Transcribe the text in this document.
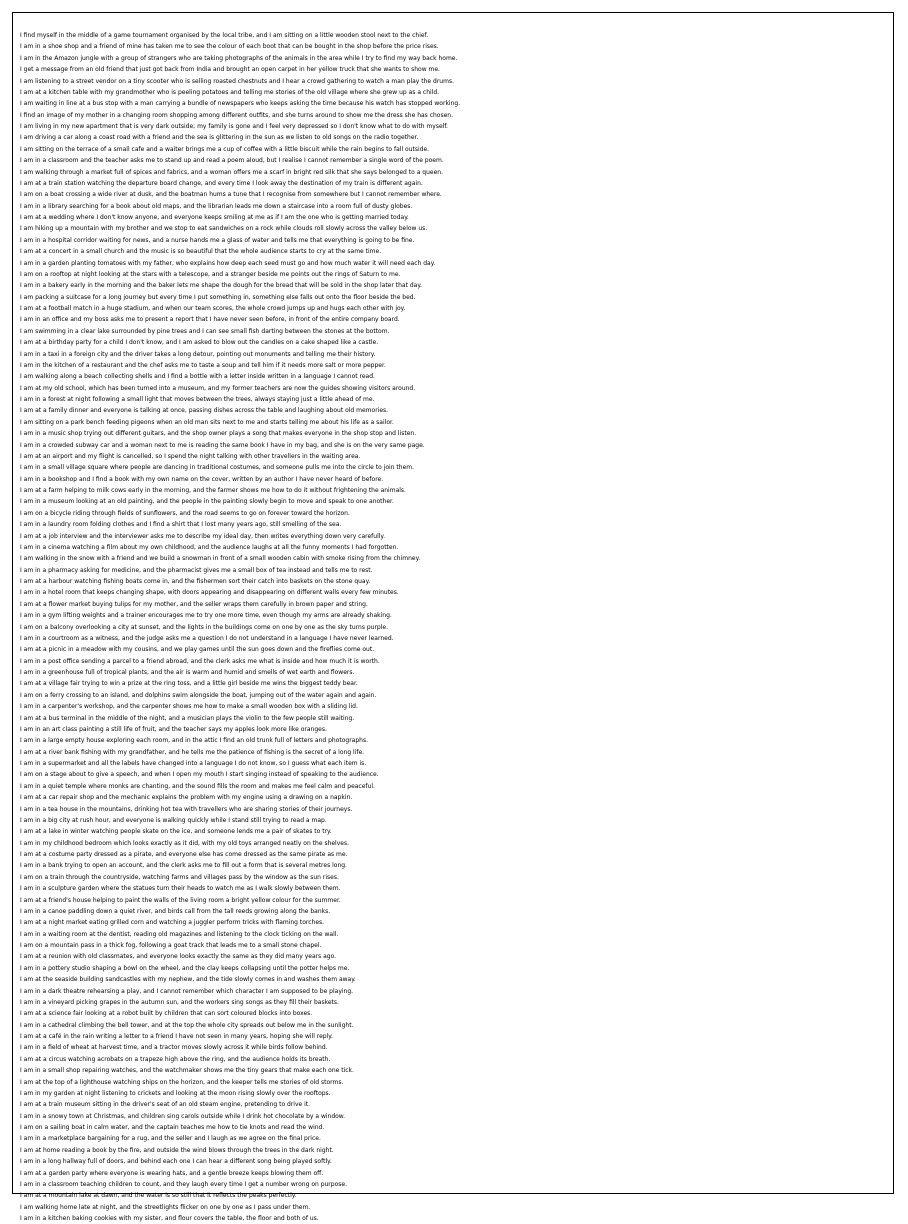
I find myself in the middle of a game tournament organised by the local tribe, and I am sitting on a little wooden stool next to the chief.
I am in a shoe shop and a friend of mine has taken me to see the colour of each boot that can be bought in the shop before the price rises.
I am in the Amazon jungle with a group of strangers who are taking photographs of the animals in the area while I try to find my way back home.
I get a message from an old friend that just got back from India and brought an open carpet in her yellow truck that she wants to show me.
I am listening to a street vendor on a tiny scooter who is selling roasted chestnuts and I hear a crowd gathering to watch a man play the drums.
I am at a kitchen table with my grandmother who is peeling potatoes and telling me stories of the old village where she grew up as a child.
I am waiting in line at a bus stop with a man carrying a bundle of newspapers who keeps asking the time because his watch has stopped working.
I find an image of my mother in a changing room shopping among different outfits, and she turns around to show me the dress she has chosen.
I am living in my new apartment that is very dark outside; my family is gone and I feel very depressed so I don't know what to do with myself.
I am driving a car along a coast road with a friend and the sea is glittering in the sun as we listen to old songs on the radio together.
I am sitting on the terrace of a small cafe and a waiter brings me a cup of coffee with a little biscuit while the rain begins to fall outside.
I am in a classroom and the teacher asks me to stand up and read a poem aloud, but I realise I cannot remember a single word of the poem.
I am walking through a market full of spices and fabrics, and a woman offers me a scarf in bright red silk that she says belonged to a queen.
I am at a train station watching the departure board change, and every time I look away the destination of my train is different again.
I am on a boat crossing a wide river at dusk, and the boatman hums a tune that I recognise from somewhere but I cannot remember where.
I am in a library searching for a book about old maps, and the librarian leads me down a staircase into a room full of dusty globes.
I am at a wedding where I don't know anyone, and everyone keeps smiling at me as if I am the one who is getting married today.
I am hiking up a mountain with my brother and we stop to eat sandwiches on a rock while clouds roll slowly across the valley below us.
I am in a hospital corridor waiting for news, and a nurse hands me a glass of water and tells me that everything is going to be fine.
I am at a concert in a small church and the music is so beautiful that the whole audience starts to cry at the same time.
I am in a garden planting tomatoes with my father, who explains how deep each seed must go and how much water it will need each day.
I am on a rooftop at night looking at the stars with a telescope, and a stranger beside me points out the rings of Saturn to me.
I am in a bakery early in the morning and the baker lets me shape the dough for the bread that will be sold in the shop later that day.
I am packing a suitcase for a long journey but every time I put something in, something else falls out onto the floor beside the bed.
I am at a football match in a huge stadium, and when our team scores, the whole crowd jumps up and hugs each other with joy.
I am in an office and my boss asks me to present a report that I have never seen before, in front of the entire company board.
I am swimming in a clear lake surrounded by pine trees and I can see small fish darting between the stones at the bottom.
I am at a birthday party for a child I don't know, and I am asked to blow out the candles on a cake shaped like a castle.
I am in a taxi in a foreign city and the driver takes a long detour, pointing out monuments and telling me their history.
I am in the kitchen of a restaurant and the chef asks me to taste a soup and tell him if it needs more salt or more pepper.
I am walking along a beach collecting shells and I find a bottle with a letter inside written in a language I cannot read.
I am at my old school, which has been turned into a museum, and my former teachers are now the guides showing visitors around.
I am in a forest at night following a small light that moves between the trees, always staying just a little ahead of me.
I am at a family dinner and everyone is talking at once, passing dishes across the table and laughing about old memories.
I am sitting on a park bench feeding pigeons when an old man sits next to me and starts telling me about his life as a sailor.
I am in a music shop trying out different guitars, and the shop owner plays a song that makes everyone in the shop stop and listen.
I am in a crowded subway car and a woman next to me is reading the same book I have in my bag, and she is on the very same page.
I am at an airport and my flight is cancelled, so I spend the night talking with other travellers in the waiting area.
I am in a small village square where people are dancing in traditional costumes, and someone pulls me into the circle to join them.
I am in a bookshop and I find a book with my own name on the cover, written by an author I have never heard of before.
I am at a farm helping to milk cows early in the morning, and the farmer shows me how to do it without frightening the animals.
I am in a museum looking at an old painting, and the people in the painting slowly begin to move and speak to one another.
I am on a bicycle riding through fields of sunflowers, and the road seems to go on forever toward the horizon.
I am in a laundry room folding clothes and I find a shirt that I lost many years ago, still smelling of the sea.
I am at a job interview and the interviewer asks me to describe my ideal day, then writes everything down very carefully.
I am in a cinema watching a film about my own childhood, and the audience laughs at all the funny moments I had forgotten.
I am walking in the snow with a friend and we build a snowman in front of a small wooden cabin with smoke rising from the chimney.
I am in a pharmacy asking for medicine, and the pharmacist gives me a small box of tea instead and tells me to rest.
I am at a harbour watching fishing boats come in, and the fishermen sort their catch into baskets on the stone quay.
I am in a hotel room that keeps changing shape, with doors appearing and disappearing on different walls every few minutes.
I am at a flower market buying tulips for my mother, and the seller wraps them carefully in brown paper and string.
I am in a gym lifting weights and a trainer encourages me to try one more time, even though my arms are already shaking.
I am on a balcony overlooking a city at sunset, and the lights in the buildings come on one by one as the sky turns purple.
I am in a courtroom as a witness, and the judge asks me a question I do not understand in a language I have never learned.
I am at a picnic in a meadow with my cousins, and we play games until the sun goes down and the fireflies come out.
I am in a post office sending a parcel to a friend abroad, and the clerk asks me what is inside and how much it is worth.
I am in a greenhouse full of tropical plants, and the air is warm and humid and smells of wet earth and flowers.
I am at a village fair trying to win a prize at the ring toss, and a little girl beside me wins the biggest teddy bear.
I am on a ferry crossing to an island, and dolphins swim alongside the boat, jumping out of the water again and again.
I am in a carpenter's workshop, and the carpenter shows me how to make a small wooden box with a sliding lid.
I am at a bus terminal in the middle of the night, and a musician plays the violin to the few people still waiting.
I am in an art class painting a still life of fruit, and the teacher says my apples look more like oranges.
I am in a large empty house exploring each room, and in the attic I find an old trunk full of letters and photographs.
I am at a river bank fishing with my grandfather, and he tells me the patience of fishing is the secret of a long life.
I am in a supermarket and all the labels have changed into a language I do not know, so I guess what each item is.
I am on a stage about to give a speech, and when I open my mouth I start singing instead of speaking to the audience.
I am in a quiet temple where monks are chanting, and the sound fills the room and makes me feel calm and peaceful.
I am at a car repair shop and the mechanic explains the problem with my engine using a drawing on a napkin.
I am in a tea house in the mountains, drinking hot tea with travellers who are sharing stories of their journeys.
I am in a big city at rush hour, and everyone is walking quickly while I stand still trying to read a map.
I am at a lake in winter watching people skate on the ice, and someone lends me a pair of skates to try.
I am in my childhood bedroom which looks exactly as it did, with my old toys arranged neatly on the shelves.
I am at a costume party dressed as a pirate, and everyone else has come dressed as the same pirate as me.
I am in a bank trying to open an account, and the clerk asks me to fill out a form that is several metres long.
I am on a train through the countryside, watching farms and villages pass by the window as the sun rises.
I am in a sculpture garden where the statues turn their heads to watch me as I walk slowly between them.
I am at a friend's house helping to paint the walls of the living room a bright yellow colour for the summer.
I am in a canoe paddling down a quiet river, and birds call from the tall reeds growing along the banks.
I am at a night market eating grilled corn and watching a juggler perform tricks with flaming torches.
I am in a waiting room at the dentist, reading old magazines and listening to the clock ticking on the wall.
I am on a mountain pass in a thick fog, following a goat track that leads me to a small stone chapel.
I am at a reunion with old classmates, and everyone looks exactly the same as they did many years ago.
I am in a pottery studio shaping a bowl on the wheel, and the clay keeps collapsing until the potter helps me.
I am at the seaside building sandcastles with my nephew, and the tide slowly comes in and washes them away.
I am in a dark theatre rehearsing a play, and I cannot remember which character I am supposed to be playing.
I am in a vineyard picking grapes in the autumn sun, and the workers sing songs as they fill their baskets.
I am at a science fair looking at a robot built by children that can sort coloured blocks into boxes.
I am in a cathedral climbing the bell tower, and at the top the whole city spreads out below me in the sunlight.
I am at a café in the rain writing a letter to a friend I have not seen in many years, hoping she will reply.
I am in a field of wheat at harvest time, and a tractor moves slowly across it while birds follow behind.
I am at a circus watching acrobats on a trapeze high above the ring, and the audience holds its breath.
I am in a small shop repairing watches, and the watchmaker shows me the tiny gears that make each one tick.
I am at the top of a lighthouse watching ships on the horizon, and the keeper tells me stories of old storms.
I am in my garden at night listening to crickets and looking at the moon rising slowly over the rooftops.
I am at a train museum sitting in the driver's seat of an old steam engine, pretending to drive it.
I am in a snowy town at Christmas, and children sing carols outside while I drink hot chocolate by a window.
I am on a sailing boat in calm water, and the captain teaches me how to tie knots and read the wind.
I am in a marketplace bargaining for a rug, and the seller and I laugh as we agree on the final price.
I am at home reading a book by the fire, and outside the wind blows through the trees in the dark night.
I am in a long hallway full of doors, and behind each one I can hear a different song being played softly.
I am at a garden party where everyone is wearing hats, and a gentle breeze keeps blowing them off.
I am in a classroom teaching children to count, and they laugh every time I get a number wrong on purpose.
I am at a mountain lake at dawn, and the water is so still that it reflects the peaks perfectly.
I am walking home late at night, and the streetlights flicker on one by one as I pass under them.
I am in a kitchen baking cookies with my sister, and flour covers the table, the floor and both of us.
